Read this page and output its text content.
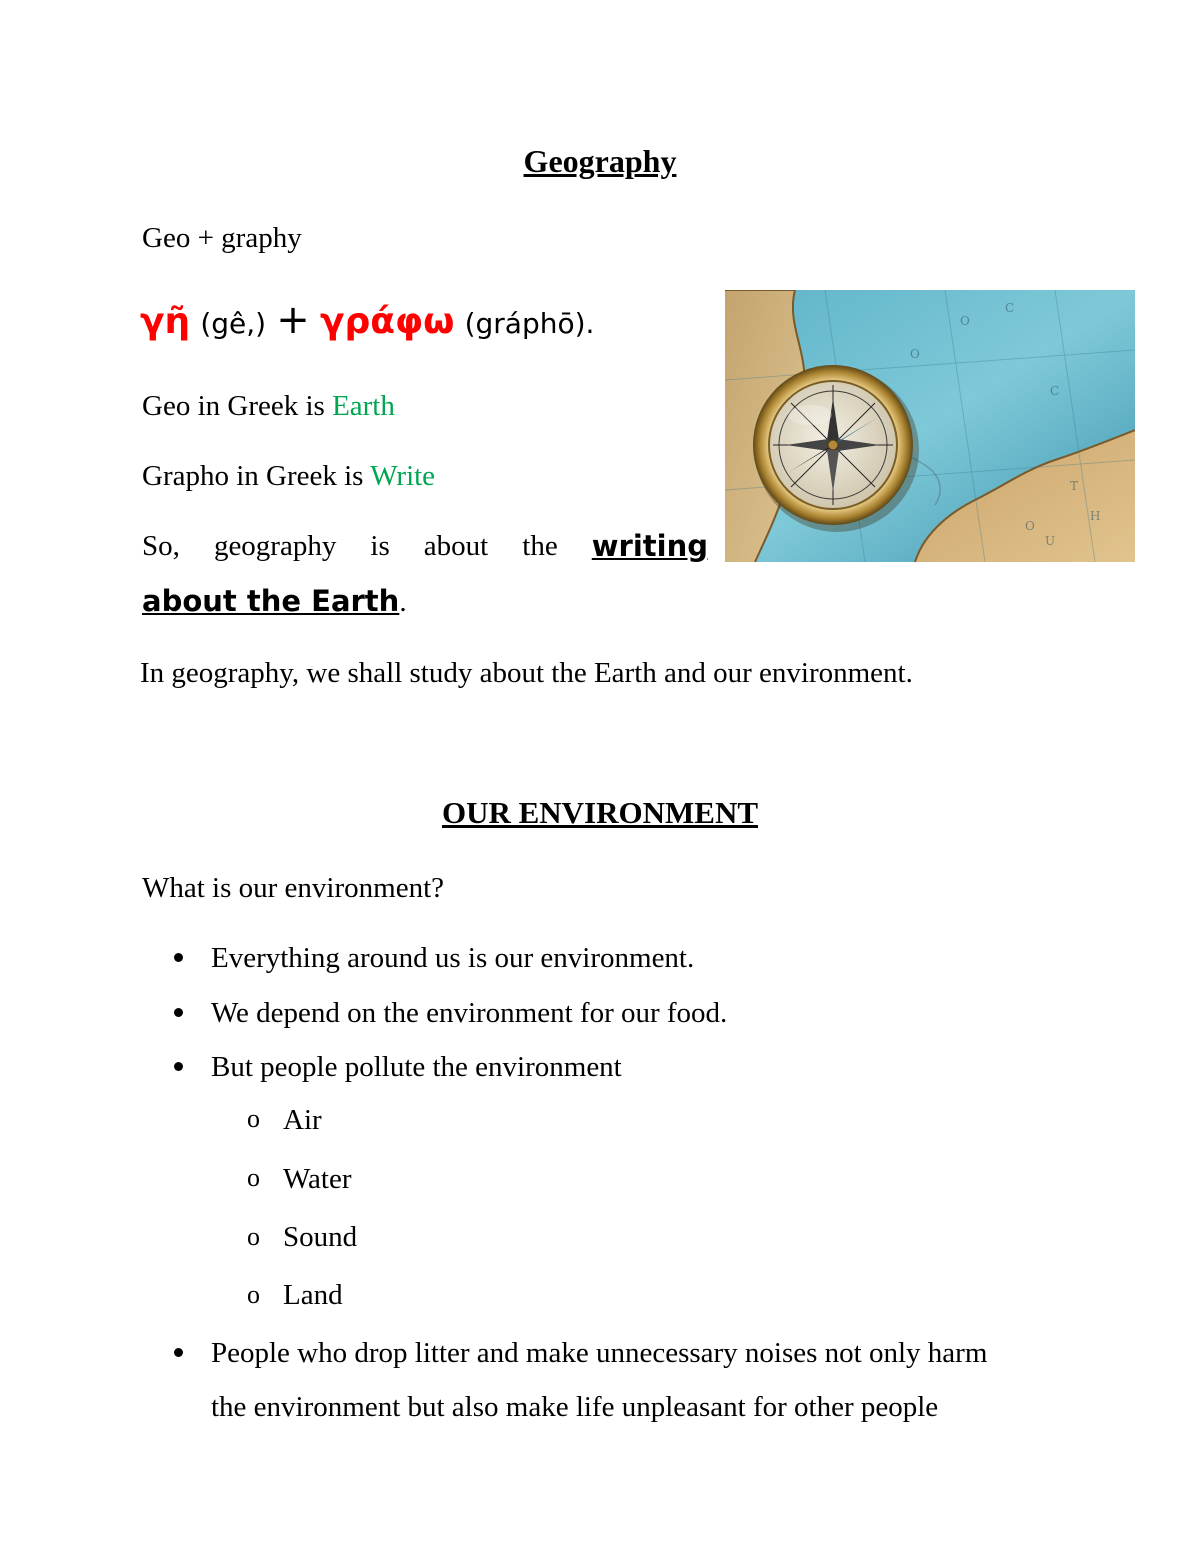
Geography

Geo + graphy

γῆ (gê,) + γράφω (gráphō).

Geo in Greek is Earth

Grapho in Greek is Write

So, geography is about the writing

about the Earth.

In geography, we shall study about the Earth and our environment.

OUR ENVIRONMENT

What is our environment?

Everything around us is our environment.

We depend on the environment for our food.

But people pollute the environment

o Air

o Water

o Sound

o Land

People who drop litter and make unnecessary noises not only harm

the environment but also make life unpleasant for other people

O
C
O
C
T
H
O
U
